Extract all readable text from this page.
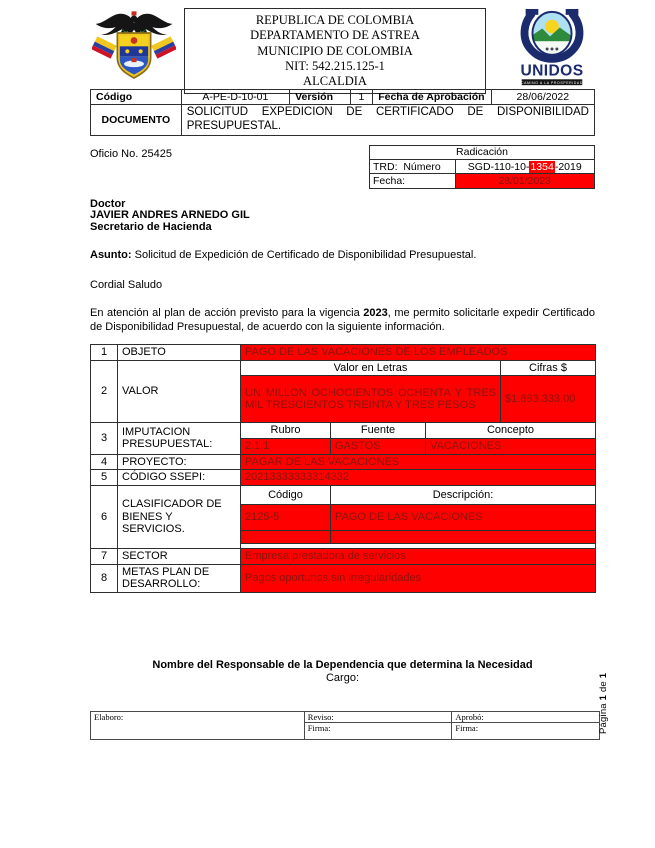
REPUBLICA DE COLOMBIA
DEPARTAMENTO DE ASTREA
MUNICIPIO DE COLOMBIA
NIT: 542.215.125-1
ALCALDIA
UNIDOS
CAMINO A LA PROSPERIDAD
Código	A-PE-D-10-01	Versión	1	Fecha de Aprobación	28/06/2022
DOCUMENTO	SOLICITUD EXPEDICION DE CERTIFICADO DE DISPONIBILIDAD PRESUPUESTAL.				
Oficio No. 25425	Radicación	
TRD:  Número	SGD-110-10-1354-2019
Fecha:	28/01/2023
Doctor
JAVIER ANDRES ARNEDO GIL
Secretario de Hacienda
Asunto: Solicitud de Expedición de Certificado de Disponibilidad Presupuestal.
Cordial Saludo
En atención al plan de acción previsto para la vigencia 2023, me permito solicitarle expedir Certificado de Disponibilidad Presupuestal, de acuerdo con la siguiente información.
1	OBJETO	PAGO DE LAS VACACIONES DE LOS EMPLEADOS			
2	VALOR	Valor en Letras			Cifras $
		UN MILLON OCHOCIENTOS OCHENTA Y TRES MIL TRESCIENTOS TREINTA Y TRES PESOS			$1.883.333,00
3	IMPUTACION PRESUPUESTAL:	Rubro	Fuente	Concepto	
		2.1.1	GASTOS	VACACIONES	
4	PROYECTO:	PAGAR DE LAS VACACIONES			
5	CÓDIGO SSEPI:	20213333333314332			
6	CLASIFICADOR DE BIENES Y SERVICIOS.	Código	Descripción:		
		2125-5	PAGO DE LAS VACACIONES		

7	SECTOR	Empresa prestadora de servicios			
8	METAS PLAN DE DESARROLLO:	Pagos oportunos sin irregularidades			
Nombre del Responsable de la Dependencia que determina la Necesidad
Cargo:
Elaboro:	Reviso:	Aprobó:
	Firma:	Firma:	Página 1 de 1
